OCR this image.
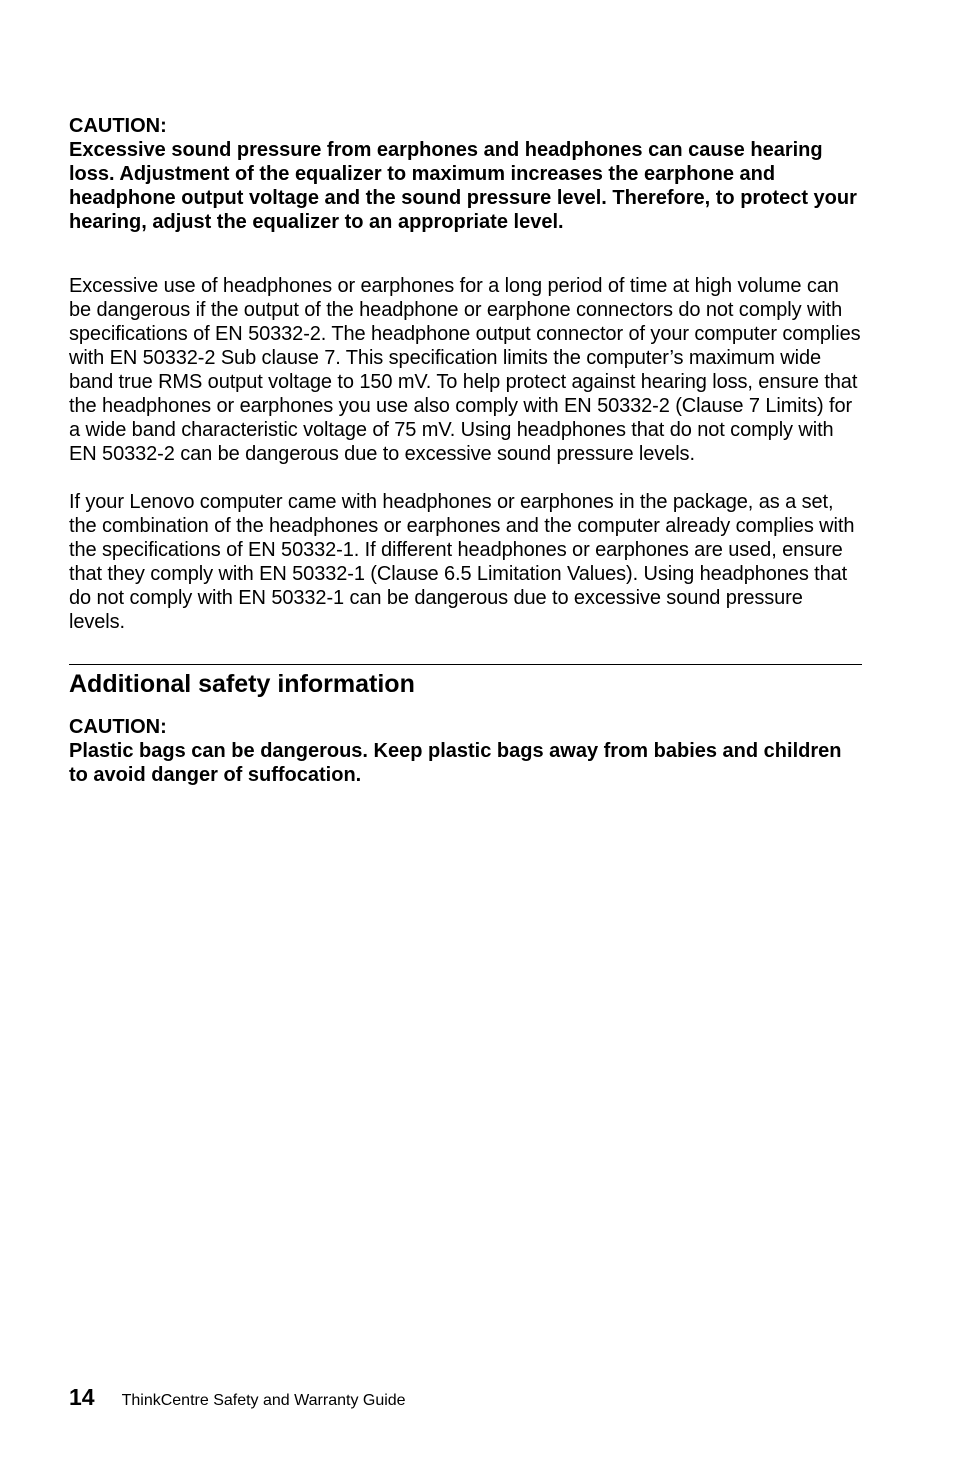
CAUTION:

Excessive sound pressure from earphones and headphones can cause hearing loss. Adjustment of the equalizer to maximum increases the earphone and headphone output voltage and the sound pressure level. Therefore, to protect your hearing, adjust the equalizer to an appropriate level.

Excessive use of headphones or earphones for a long period of time at high volume can be dangerous if the output of the headphone or earphone connectors do not comply with specifications of EN 50332-2. The headphone output connector of your computer complies with EN 50332-2 Sub clause 7. This specification limits the computer’s maximum wide band true RMS output voltage to 150 mV. To help protect against hearing loss, ensure that the headphones or earphones you use also comply with EN 50332-2 (Clause 7 Limits) for a wide band characteristic voltage of 75 mV. Using headphones that do not comply with EN 50332-2 can be dangerous due to excessive sound pressure levels.

If your Lenovo computer came with headphones or earphones in the package, as a set, the combination of the headphones or earphones and the computer already complies with the specifications of EN 50332-1. If different headphones or earphones are used, ensure that they comply with EN 50332-1 (Clause 6.5 Limitation Values). Using headphones that do not comply with EN 50332-1 can be dangerous due to excessive sound pressure levels.

Additional safety information

CAUTION:

Plastic bags can be dangerous. Keep plastic bags away from babies and children to avoid danger of suffocation.

14 ThinkCentre Safety and Warranty Guide
